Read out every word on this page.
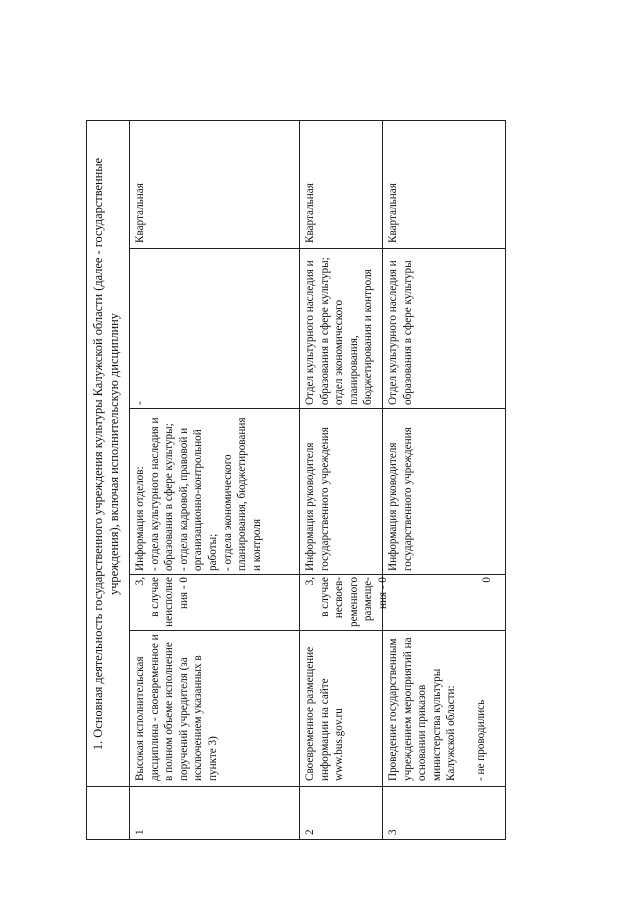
1. Основная деятельность государственного учреждения культуры Калужской области (далее - государственные учреждения), включая исполнительскую дисциплину
1
Высокая исполнительская дисциплина - своевременное и в полном объеме исполнение поручений учредителя (за исключением указанных в пункте 3)
3,
в случае
неисполне
ния - 0
Информация отделов:
- отдела культурного наследия и образования в сфере культуры;
- отдела кадровой, правовой и организационно-контрольной работы;
- отдела экономического планирования, бюджетирования и контроля
-
Квартальная
2
Своевременное размещение информации на сайте www.bus.gov.ru
3,
в случае
несвоев-
ременного
размеще-
ния - 0
Информация руководителя государственного учреждения
Отдел культурного наследия и образования в сфере культуры;
отдел экономического планирования, бюджетирования и контроля
Квартальная
3
Проведение государственным учреждением мероприятий на основании приказов министерства культуры Калужской области:

- не проводились
0
Информация руководителя государственного учреждения
Отдел культурного наследия и образования в сфере культуры
Квартальная
